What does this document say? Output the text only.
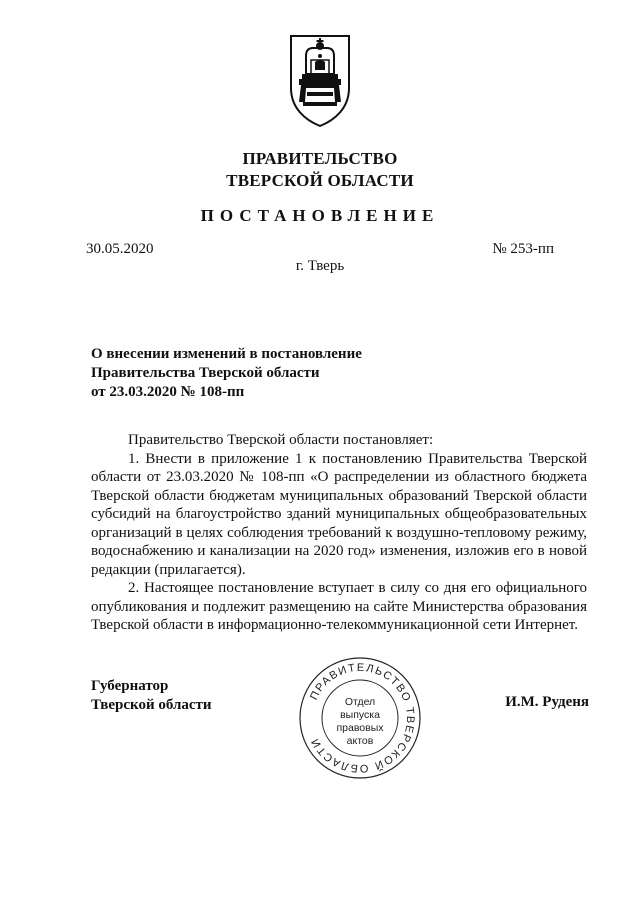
ПРАВИТЕЛЬСТВО
ТВЕРСКОЙ ОБЛАСТИ
ПОСТАНОВЛЕНИЕ
30.05.2020	№ 253-пп
г. Тверь
О внесении изменений в постановление
Правительства Тверской области
от 23.03.2020 № 108-пп

Правительство Тверской области постановляет:

1. Внести в приложение 1 к постановлению Правительства Тверской области от 23.03.2020 № 108-пп «О распределении из областного бюджета Тверской области бюджетам муниципальных образований Тверской области субсидий на благоустройство зданий муниципальных общеобразовательных организаций в целях соблюдения требований к воздушно-тепловому режиму, водоснабжению и канализации на 2020 год» изменения, изложив его в новой редакции (прилагается).

2. Настоящее постановление вступает в силу со дня его официального опубликования и подлежит размещению на сайте Министерства образования Тверской области в информационно-телекоммуникационной сети Интернет.

Губернатор
Тверской области	И.М. Руденя
ПРАВИТЕЛЬСТВО ТВЕРСКОЙ ОБЛАСТИ
Отдел
выпуска
правовых
актов
